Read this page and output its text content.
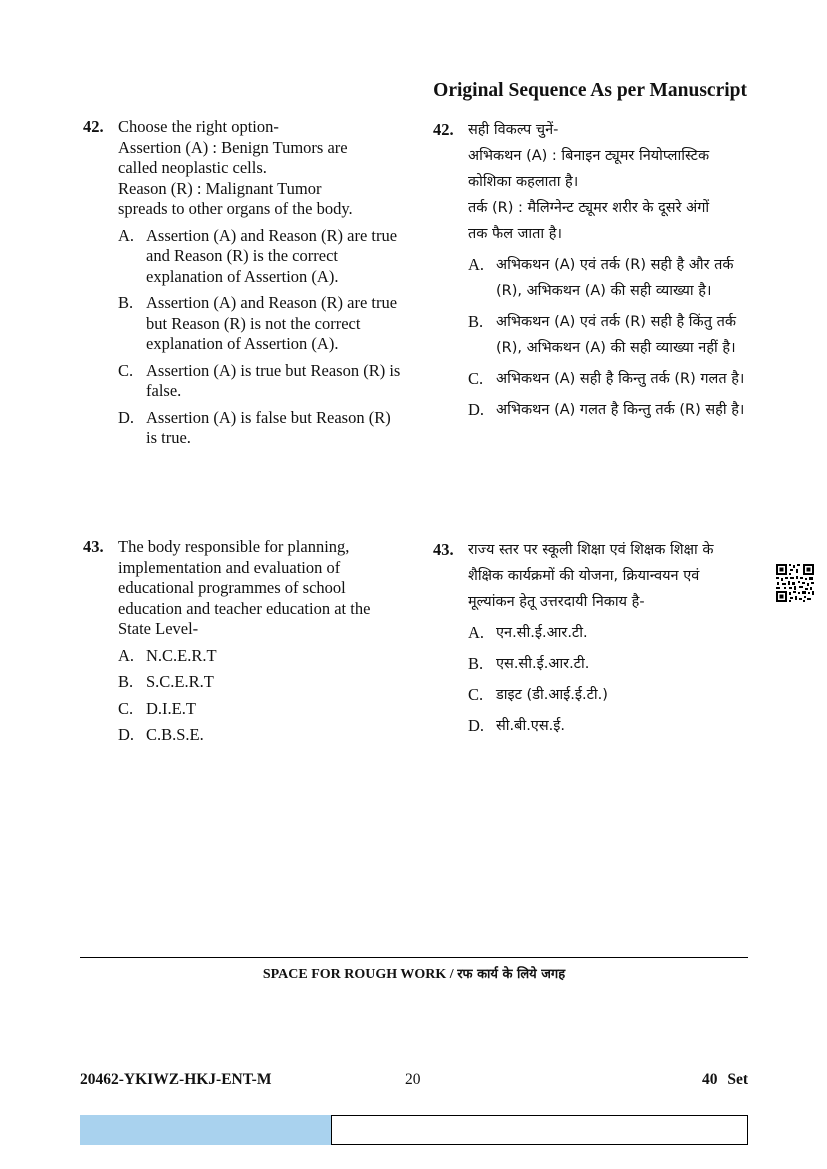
Original Sequence As per Manuscript
42. Choose the right option-
Assertion (A) : Benign Tumors are
called neoplastic cells.
Reason (R) : Malignant Tumor
spreads to other organs of the body.
A. Assertion (A) and Reason (R) are true and Reason (R) is the correct explanation of Assertion (A).
B. Assertion (A) and Reason (R) are true but Reason (R) is not the correct explanation of Assertion (A).
C. Assertion (A) is true but Reason (R) is false.
D. Assertion (A) is false but Reason (R) is true.
42. सही विकल्प चुनें-
अभिकथन (A) : बिनाइन ट्यूमर नियोप्लास्टिक
कोशिका कहलाता है।
तर्क (R) : मैलिग्नेन्ट ट्यूमर शरीर के दूसरे अंगों
तक फैल जाता है।
A. अभिकथन (A) एवं तर्क (R) सही है और तर्क (R), अभिकथन (A) की सही व्याख्या है।
B. अभिकथन (A) एवं तर्क (R) सही है किंतु तर्क (R), अभिकथन (A) की सही व्याख्या नहीं है।
C. अभिकथन (A) सही है किन्तु तर्क (R) गलत है।
D. अभिकथन (A) गलत है किन्तु तर्क (R) सही है।
43. The body responsible for planning,
implementation and evaluation of
educational programmes of school
education and teacher education at the
State Level-
A. N.C.E.R.T
B. S.C.E.R.T
C. D.I.E.T
D. C.B.S.E.
43. राज्य स्तर पर स्कूली शिक्षा एवं शिक्षक शिक्षा के
शैक्षिक कार्यक्रमों की योजना, क्रियान्वयन एवं
मूल्यांकन हेतू उत्तरदायी निकाय है-
A. एन.सी.ई.आर.टी.
B. एस.सी.ई.आर.टी.
C. डाइट (डी.आई.ई.टी.)
D. सी.बी.एस.ई.
SPACE FOR ROUGH WORK / रफ कार्य के लिये जगह
20462-YKIWZ-HKJ-ENT-M	20	40 Set
